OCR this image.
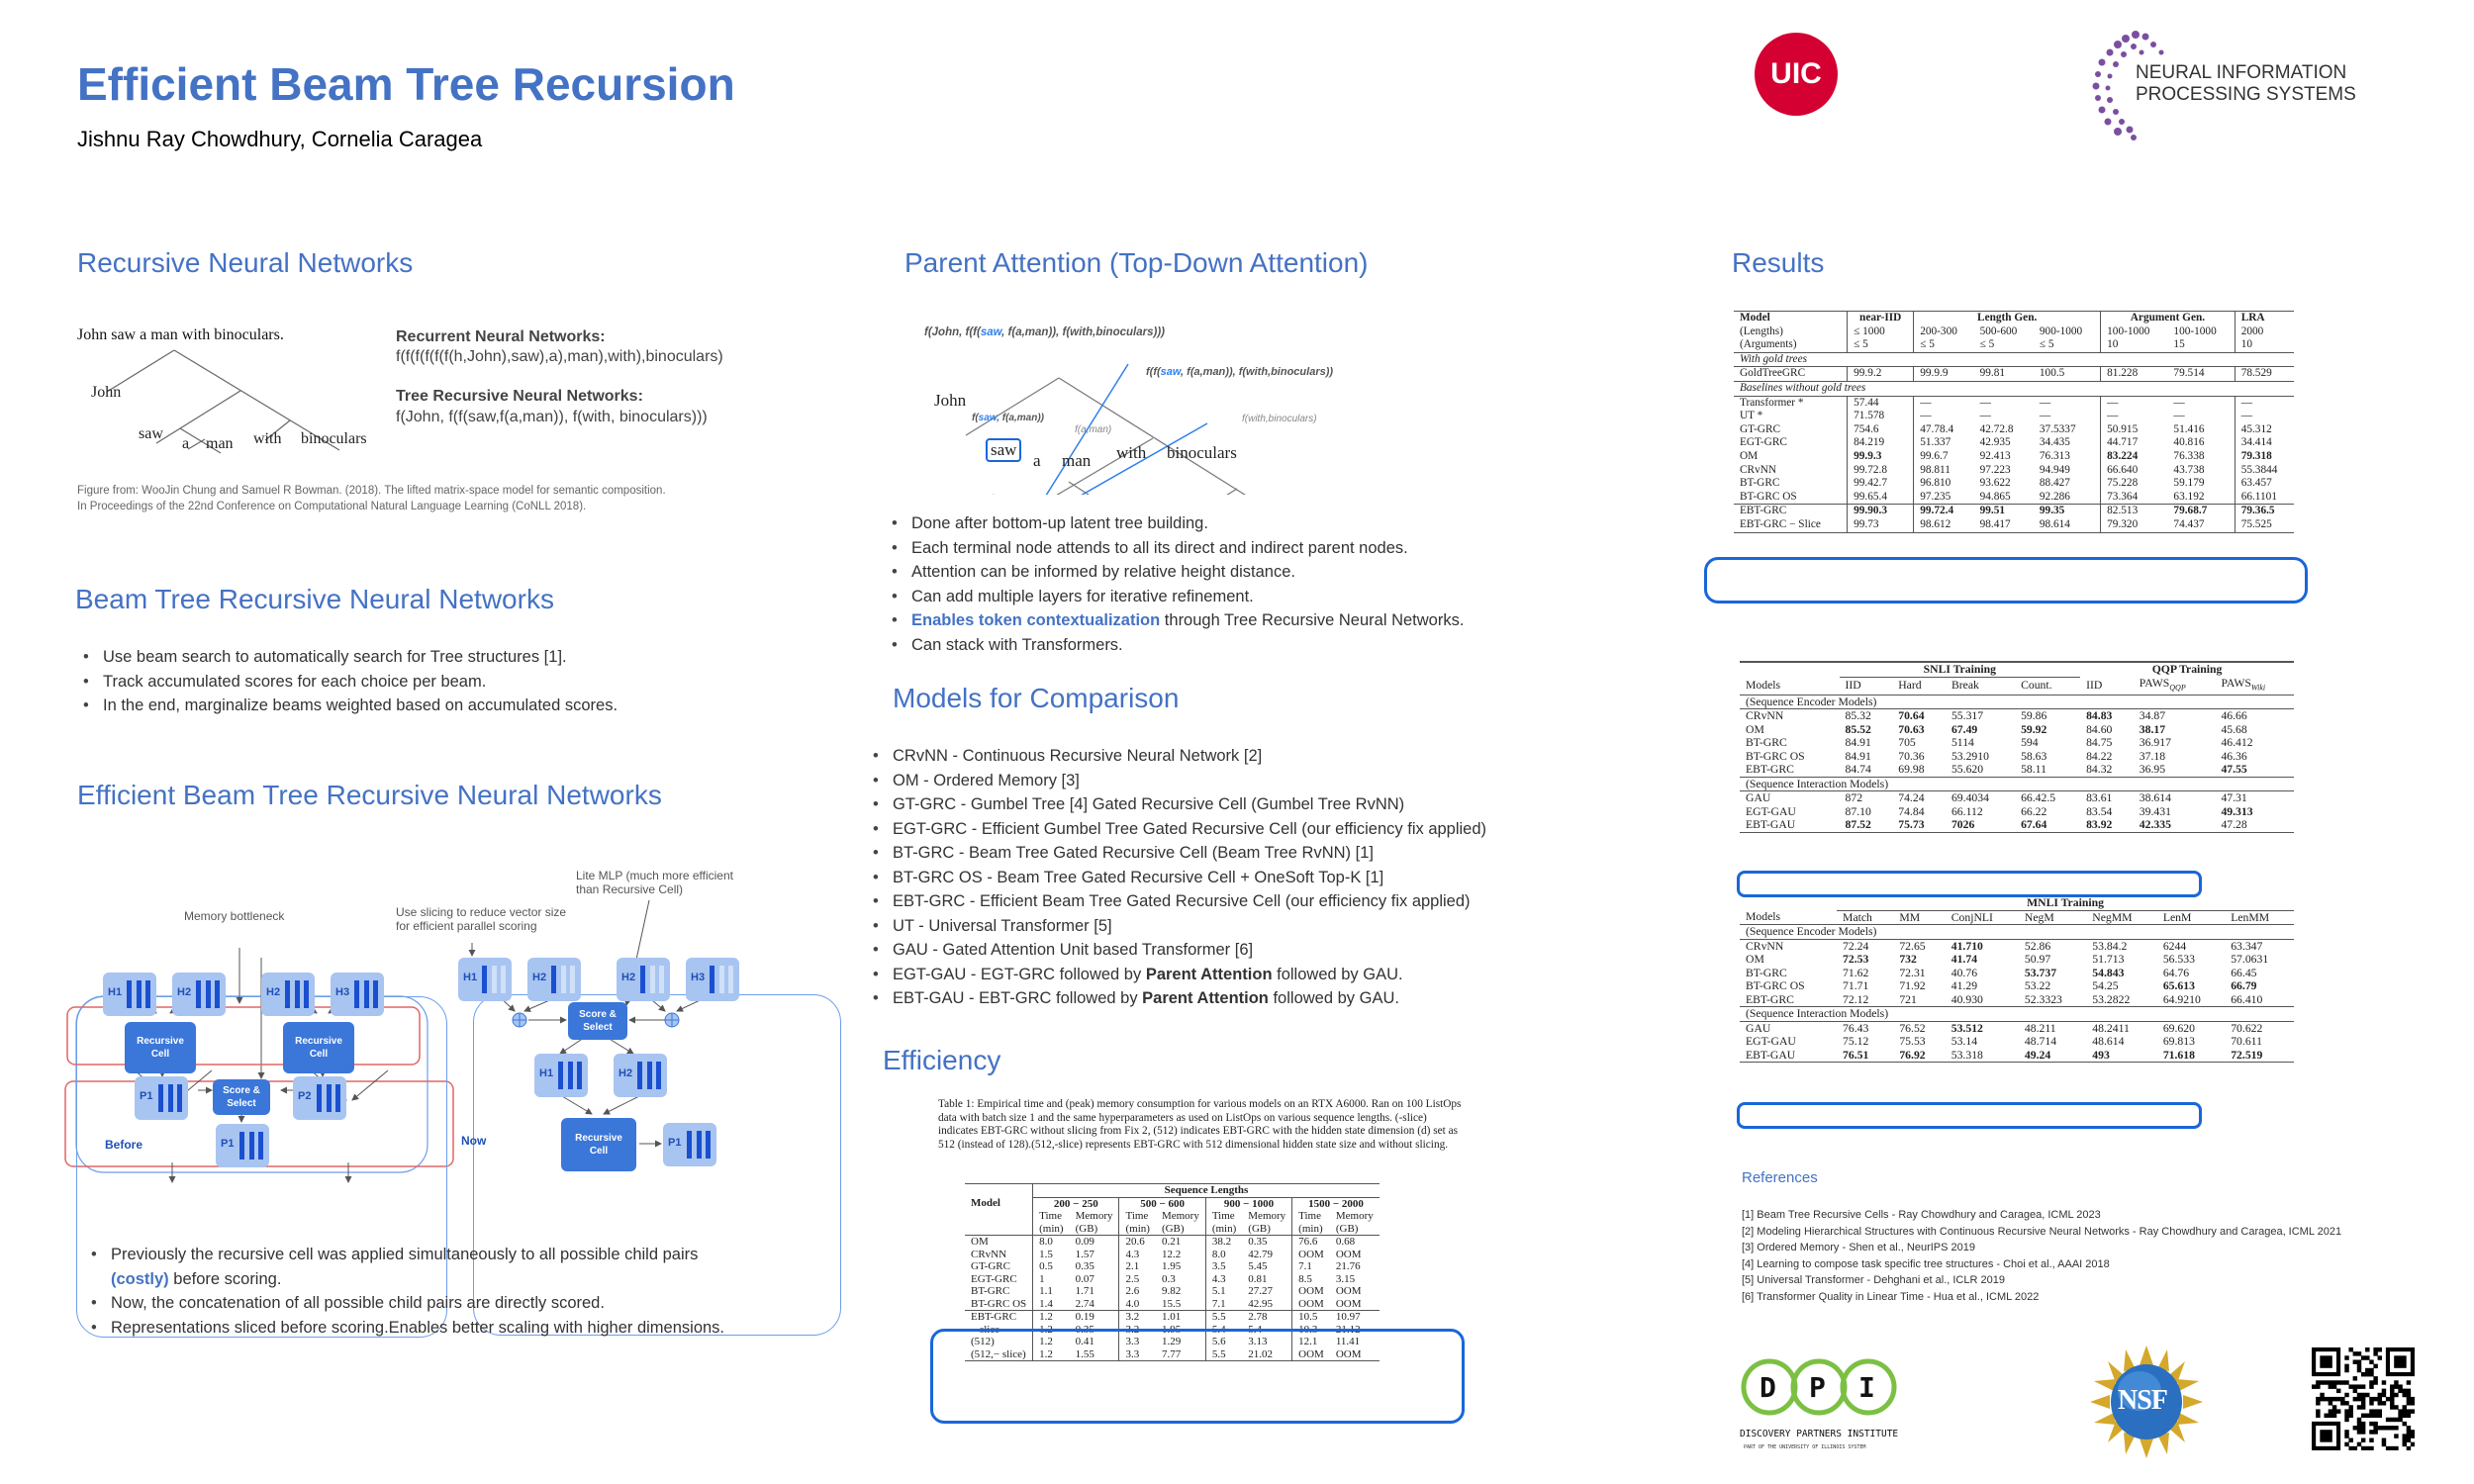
Efficient Beam Tree Recursion
Jishnu Ray Chowdhury, Cornelia Caragea
UIC	NEURAL INFORMATION
PROCESSING SYSTEMS
Recursive Neural Networks
John saw a man with binoculars.
John
saw
a man with binoculars
Recurrent Neural Networks:
f(f(f(f(f(f(h,John),saw),a),man),with),binoculars)
Tree Recursive Neural Networks:
f(John, f(f(saw,f(a,man)), f(with, binoculars)))
Figure from: WooJin Chung and Samuel R Bowman. (2018). The lifted matrix-space model for semantic composition.
In Proceedings of the 22nd Conference on Computational Natural Language Learning (CoNLL 2018).
Beam Tree Recursive Neural Networks
• Use beam search to automatically search for Tree structures [1].
• Track accumulated scores for each choice per beam.
• In the end, marginalize beams weighted based on accumulated scores.
Efficient Beam Tree Recursive Neural Networks
Memory bottleneck	Use slicing to reduce vector size
for efficient parallel scoring
Lite MLP (much more efficient
than Recursive Cell)
H1	H2	H2	H3
Recursive Cell
Recursive Cell
P1	Score & Select
P2
P1
Before
H1	H2	H2	H3
Score & Select
H1	H2
Recursive Cell
P1
Now
• Previously the recursive cell was applied simultaneously to all possible child pairs
(costly) before scoring.
• Now, the concatenation of all possible child pairs are directly scored.
• Representations sliced before scoring.Enables better scaling with higher dimensions.
Parent Attention (Top-Down Attention)
f(John, f(f(saw, f(a,man)), f(with,binoculars)))
f(f(saw, f(a,man)), f(with,binoculars))
f(saw, f(a,man))
f(a,man)
f(with,binoculars)
John
saw
a man with binoculars
• Done after bottom-up latent tree building.
• Each terminal node attends to all its direct and indirect parent nodes.
• Attention can be informed by relative height distance.
• Can add multiple layers for iterative refinement.
• Enables token contextualization through Tree Recursive Neural Networks.
• Can stack with Transformers.
Models for Comparison
• CRvNN - Continuous Recursive Neural Network [2]
• OM - Ordered Memory [3]
• GT-GRC - Gumbel Tree [4] Gated Recursive Cell (Gumbel Tree RvNN)
• EGT-GRC - Efficient Gumbel Tree Gated Recursive Cell (our efficiency fix applied)
• BT-GRC - Beam Tree Gated Recursive Cell (Beam Tree RvNN) [1]
• BT-GRC OS - Beam Tree Gated Recursive Cell + OneSoft Top-K [1]
• EBT-GRC - Efficient Beam Tree Gated Recursive Cell (our efficiency fix applied)
• UT - Universal Transformer [5]
• GAU - Gated Attention Unit based Transformer [6]
• EGT-GAU - EGT-GRC followed by Parent Attention followed by GAU.
• EBT-GAU - EBT-GRC followed by Parent Attention followed by GAU.
Efficiency
Table 1: Empirical time and (peak) memory consumption for various models on an RTX A6000. Ran on 100 ListOps data with batch size 1 and the same hyperparameters as used on ListOps on various sequence lengths. (-slice) indicates EBT-GRC without slicing from Fix 2, (512) indicates EBT-GRC with the hidden state dimension (d) set as 512 (instead of 128).(512,-slice) represents EBT-GRC with 512 dimensional hidden state size and without slicing.
	Sequence Lengths							
Model	200 − 250		500 − 600		900 − 1000		1500 − 2000	
	Time	Memory	Time	Memory	Time	Memory	Time	Memory
	(min)	(GB)	(min)	(GB)	(min)	(GB)	(min)	(GB)
OM	8.0	0.09	20.6	0.21	38.2	0.35	76.6	0.68
CRvNN	1.5	1.57	4.3	12.2	8.0	42.79	OOM	OOM
GT-GRC	0.5	0.35	2.1	1.95	3.5	5.45	7.1	21.76
EGT-GRC	1	0.07	2.5	0.3	4.3	0.81	8.5	3.15
BT-GRC	1.1	1.71	2.6	9.82	5.1	27.27	OOM	OOM
BT-GRC OS	1.4	2.74	4.0	15.5	7.1	42.95	OOM	OOM
EBT-GRC	1.2	0.19	3.2	1.01	5.5	2.78	10.5	10.97
− slice	1.2	0.35	3.2	1.95	5.4	5.4	10.3	21.12
(512)	1.2	0.41	3.3	1.29	5.6	3.13	12.1	11.41
(512,− slice)	1.2	1.55	3.3	7.77	5.5	21.02	OOM	OOM
Results
Model	near-IID	Length Gen.			Argument Gen.		LRA
(Lengths)	≤ 1000	200-300	500-600	900-1000	100-1000	100-1000	2000
(Arguments)	≤ 5	≤ 5	≤ 5	≤ 5	10	15	10
With gold trees							
GoldTreeGRC	99.9.2	99.9.9	99.81	100.5	81.228	79.514	78.529
Baselines without gold trees							
Transformer *	57.44	—	—	—	—	—	—
UT *	71.578	—	—	—	—	—	—
GT-GRC	754.6	47.78.4	42.72.8	37.5337	50.915	51.416	45.312
EGT-GRC	84.219	51.337	42.935	34.435	44.717	40.816	34.414
OM	99.9.3	99.6.7	92.413	76.313	83.224	76.338	79.318
CRvNN	99.72.8	98.811	97.223	94.949	66.640	43.738	55.3844
BT-GRC	99.42.7	96.810	93.622	88.427	75.228	59.179	63.457
BT-GRC OS	99.65.4	97.235	94.865	92.286	73.364	63.192	66.1101
EBT-GRC	99.90.3	99.72.4	99.51	99.35	82.513	79.68.7	79.36.5
EBT-GRC − Slice	99.73	98.612	98.417	98.614	79.320	74.437	75.525
	SNLI Training				QQP Training		
Models	IID	Hard	Break	Count.	IID	$PAWS_{QQP}$	$PAWS_{Wiki}$
(Sequence Encoder Models)							
CRvNN	85.32	70.64	55.317	59.86	84.83	34.87	46.66
OM	85.52	70.63	67.49	59.92	84.60	38.17	45.68
BT-GRC	84.91	705	5114	594	84.75	36.917	46.412
BT-GRC OS	84.91	70.36	53.2910	58.63	84.22	37.18	46.36
EBT-GRC	84.74	69.98	55.620	58.11	84.32	36.95	47.55
(Sequence Interaction Models)							
GAU	872	74.24	69.4034	66.42.5	83.61	38.614	47.31
EGT-GAU	87.10	74.84	66.112	66.22	83.54	39.431	49.313
EBT-GAU	87.52	75.73	7026	67.64	83.92	42.335	47.28
	MNLI Training						
Models	Match	MM	ConjNLI	NegM	NegMM	LenM	LenMM
(Sequence Encoder Models)							
CRvNN	72.24	72.65	41.710	52.86	53.84.2	6244	63.347
OM	72.53	732	41.74	50.97	51.713	56.533	57.0631
BT-GRC	71.62	72.31	40.76	53.737	54.843	64.76	66.45
BT-GRC OS	71.71	71.92	41.29	53.22	54.25	65.613	66.79
EBT-GRC	72.12	721	40.930	52.3323	53.2822	64.9210	66.410
(Sequence Interaction Models)							
GAU	76.43	76.52	53.512	48.211	48.2411	69.620	70.622
EGT-GAU	75.12	75.53	53.14	48.714	48.614	69.813	70.611
EBT-GAU	76.51	76.92	53.318	49.24	493	71.618	72.519
References
[1] Beam Tree Recursive Cells - Ray Chowdhury and Caragea, ICML 2023
[2] Modeling Hierarchical Structures with Continuous Recursive Neural Networks - Ray Chowdhury and Caragea, ICML 2021
[3] Ordered Memory - Shen et al., NeurIPS 2019
[4] Learning to compose task specific tree structures - Choi et al., AAAI 2018
[5] Universal Transformer - Dehghani et al., ICLR 2019
[6] Transformer Quality in Linear Time - Hua et al., ICML 2022
D P I
DISCOVERY PARTNERS INSTITUTE
PART OF THE UNIVERSITY OF ILLINOIS SYSTEM
NSF
